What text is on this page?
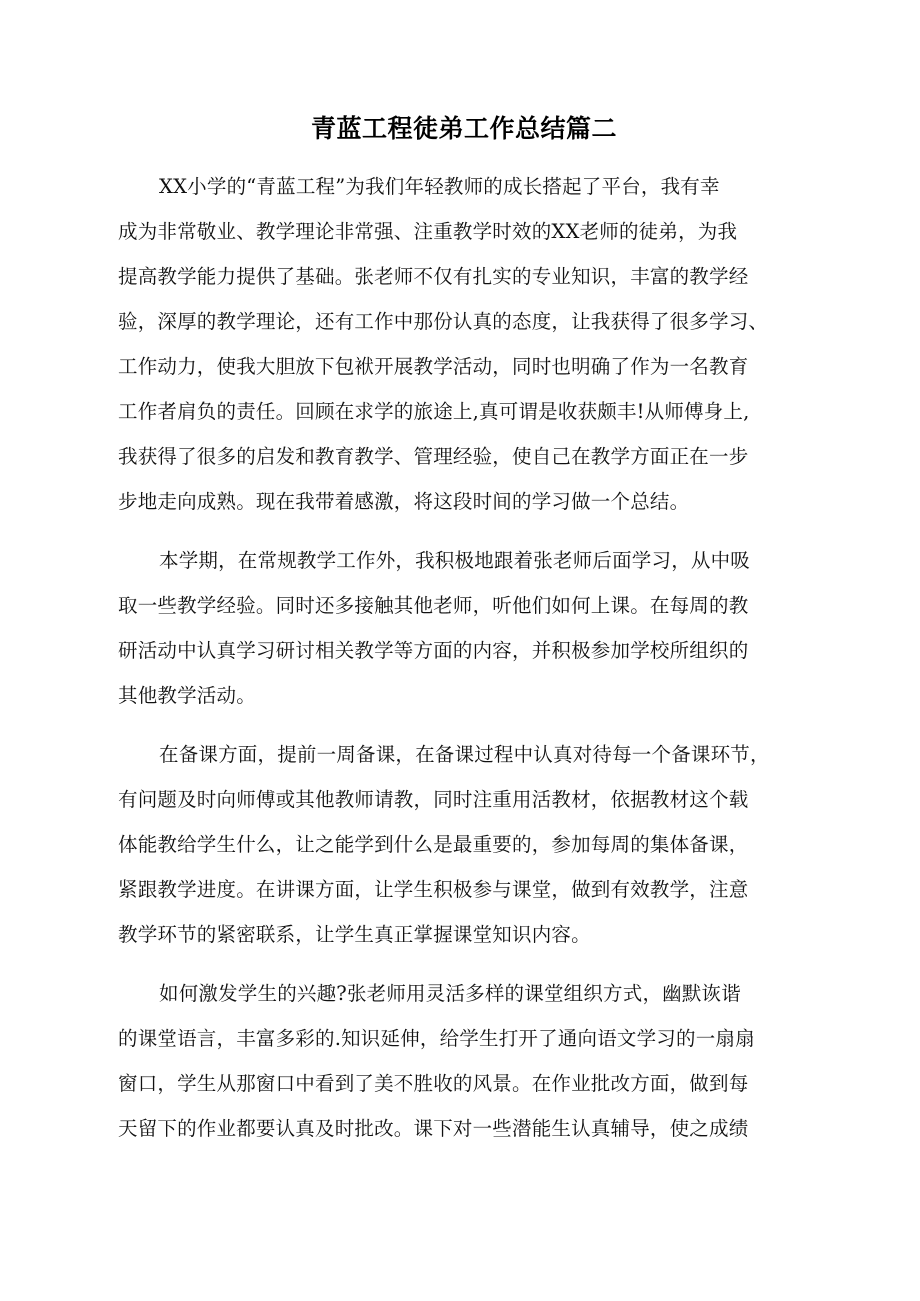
青蓝工程徒弟工作总结篇二

XX小学的“青蓝工程”为我们年轻教师的成长搭起了平台，我有幸
成为非常敬业、教学理论非常强、注重教学时效的XX老师的徒弟，为我
提高教学能力提供了基础。张老师不仅有扎实的专业知识，丰富的教学经
验，深厚的教学理论，还有工作中那份认真的态度，让我获得了很多学习、
工作动力，使我大胆放下包袱开展教学活动，同时也明确了作为一名教育
工作者肩负的责任。回顾在求学的旅途上,真可谓是收获颇丰!从师傅身上,
我获得了很多的启发和教育教学、管理经验，使自己在教学方面正在一步
步地走向成熟。现在我带着感激，将这段时间的学习做一个总结。

本学期，在常规教学工作外，我积极地跟着张老师后面学习，从中吸
取一些教学经验。同时还多接触其他老师，听他们如何上课。在每周的教
研活动中认真学习研讨相关教学等方面的内容，并积极参加学校所组织的
其他教学活动。

在备课方面，提前一周备课，在备课过程中认真对待每一个备课环节，
有问题及时向师傅或其他教师请教，同时注重用活教材，依据教材这个载
体能教给学生什么，让之能学到什么是最重要的，参加每周的集体备课，
紧跟教学进度。在讲课方面，让学生积极参与课堂，做到有效教学，注意
教学环节的紧密联系，让学生真正掌握课堂知识内容。

如何激发学生的兴趣?张老师用灵活多样的课堂组织方式，幽默诙谐
的课堂语言，丰富多彩的.知识延伸，给学生打开了通向语文学习的一扇扇
窗口，学生从那窗口中看到了美不胜收的风景。在作业批改方面，做到每
天留下的作业都要认真及时批改。课下对一些潜能生认真辅导，使之成绩
